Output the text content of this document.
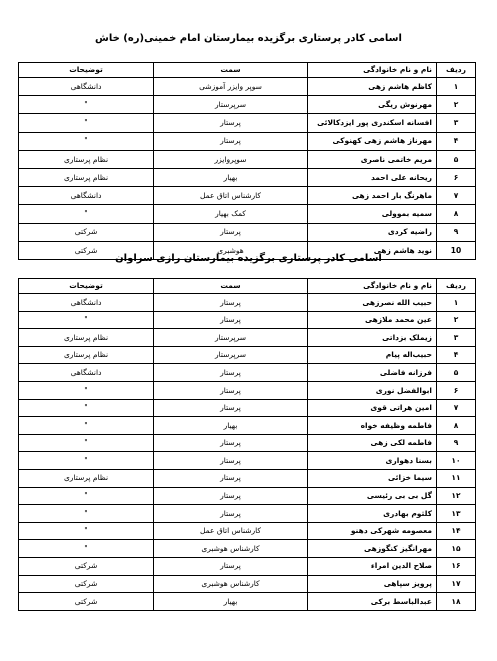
اسامی کادر پرستاری برگزیده بیمارستان امام خمینی(ره) خاش
ردیف	نام و نام خانوادگی	سمت	توضیحات
۱	کاظم هاشم زهی	سوپر وایزر آموزشی	دانشگاهی
۲	مهرنوش ریگی	سرپرستار	"
۳	افسانه اسکندری پور ایزدکالائی	پرستار	"
۴	مهرناز هاشم زهی کهنوکی	پرستار	"
۵	مریم خاتمی ناصری	سوپروایزر	نظام پرستاری
۶	ریحانه علی احمد	بهیار	نظام پرستاری
۷	ماهرنگ بار احمد زهی	کارشناس اتاق عمل	دانشگاهی
۸	سمیه بموولی	کمک بهیار	"
۹	راضیه کردی	پرستار	شرکتی
10	نوید هاشم زهی	هوشبری	شرکتی
اسامی کادر پرستاری برگزیده بیمارستان رازی سراوان
ردیف	نام و نام خانوادگی	سمت	توضیحات
۱	حبیب الله نصرزهی	پرستار	دانشگاهی
۲	عین محمد ملازهی	پرستار	"
۳	زیملک بزداتی	سرپرستار	نظام پرستاری
۴	حبیب‌اله پیام	سرپرستار	نظام پرستاری
۵	فرزانه فاضلی	پرستار	دانشگاهی
۶	ابوالفضل نوری	پرستار	"
۷	امین هراتی قوی	پرستار	"
۸	فاطمه وظیفه خواه	بهیار	"
۹	فاطمه لکی زهی	پرستار	"
۱۰	بسنا دهواری	پرستار	"
۱۱	سیما خزائی	پرستار	نظام پرستاری
۱۲	گل بی بی رئیسی	پرستار	"
۱۳	کلثوم بهادری	پرستار	"
۱۴	معصومه شهرکی دهنو	کارشناس اتاق عمل	"
۱۵	مهرانگیز کنگوزهی	کارشناس هوشبری	"
۱۶	صلاح الدین امراء	پرستار	شرکتی
۱۷	پرویز سپاهی	کارشناس هوشبری	شرکتی
۱۸	عبدالباسط برکی	بهیار	شرکتی
